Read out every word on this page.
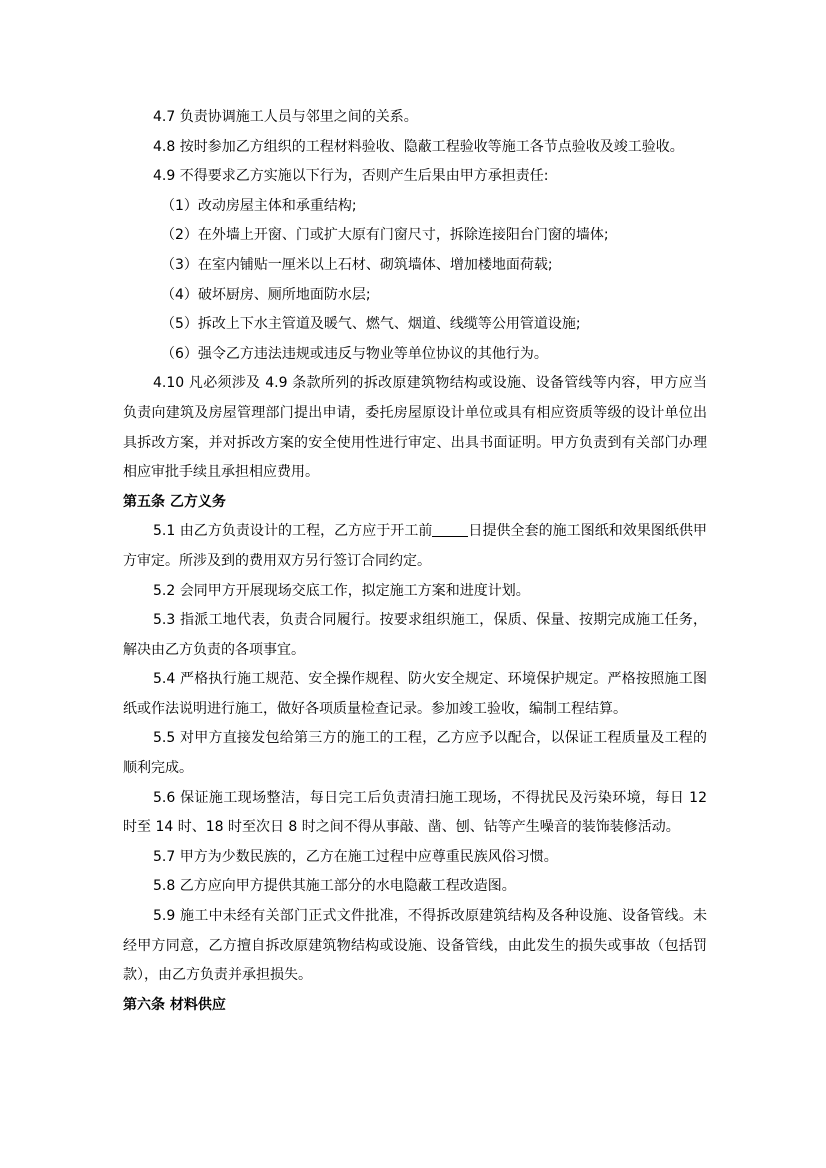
4.7 负责协调施工人员与邻里之间的关系。

4.8 按时参加乙方组织的工程材料验收、隐蔽工程验收等施工各节点验收及竣工验收。

4.9 不得要求乙方实施以下行为，否则产生后果由甲方承担责任:

（1）改动房屋主体和承重结构;

（2）在外墙上开窗、门或扩大原有门窗尺寸，拆除连接阳台门窗的墙体;

（3）在室内铺贴一厘米以上石材、砌筑墙体、增加楼地面荷载;

（4）破坏厨房、厕所地面防水层;

（5）拆改上下水主管道及暖气、燃气、烟道、线缆等公用管道设施;

（6）强令乙方违法违规或违反与物业等单位协议的其他行为。

4.10 凡必须涉及 4.9 条款所列的拆改原建筑物结构或设施、设备管线等内容，甲方应当负责向建筑及房屋管理部门提出申请，委托房屋原设计单位或具有相应资质等级的设计单位出具拆改方案，并对拆改方案的安全使用性进行审定、出具书面证明。甲方负责到有关部门办理相应审批手续且承担相应费用。

第五条 乙方义务

5.1 由乙方负责设计的工程，乙方应于开工前	日提供全套的施工图纸和效果图纸供甲方审定。所涉及到的费用双方另行签订合同约定。

5.2 会同甲方开展现场交底工作，拟定施工方案和进度计划。

5.3 指派工地代表，负责合同履行。按要求组织施工，保质、保量、按期完成施工任务，解决由乙方负责的各项事宜。

5.4 严格执行施工规范、安全操作规程、防火安全规定、环境保护规定。严格按照施工图纸或作法说明进行施工，做好各项质量检查记录。参加竣工验收，编制工程结算。

5.5 对甲方直接发包给第三方的施工的工程，乙方应予以配合，以保证工程质量及工程的顺利完成。

5.6 保证施工现场整洁，每日完工后负责清扫施工现场，不得扰民及污染环境，每日 12 时至 14 时、18 时至次日 8 时之间不得从事敲、凿、刨、钻等产生噪音的装饰装修活动。

5.7 甲方为少数民族的，乙方在施工过程中应尊重民族风俗习惯。

5.8 乙方应向甲方提供其施工部分的水电隐蔽工程改造图。

5.9 施工中未经有关部门正式文件批准，不得拆改原建筑结构及各种设施、设备管线。未经甲方同意，乙方擅自拆改原建筑物结构或设施、设备管线，由此发生的损失或事故（包括罚款），由乙方负责并承担损失。

第六条 材料供应
